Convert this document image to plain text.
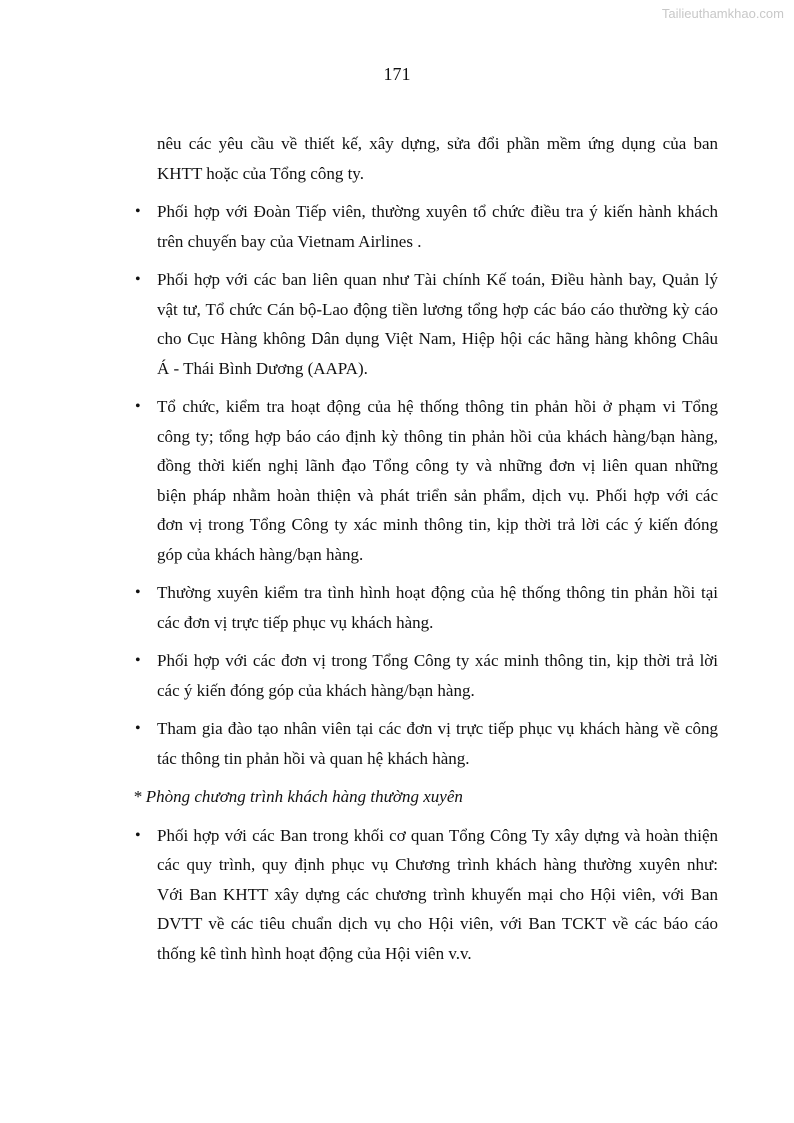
Tailieuthamkhao.com
171
nêu các yêu cầu về thiết kế, xây dựng, sửa đổi phần mềm ứng dụng của ban
KHTT hoặc của Tổng công ty.
• Phối hợp với Đoàn Tiếp viên, thường xuyên tổ chức điều tra ý kiến hành khách
trên chuyến bay của Vietnam Airlines .
• Phối hợp với các ban liên quan như Tài chính Kế toán, Điều hành bay, Quản lý
vật tư, Tổ chức Cán bộ-Lao động tiền lương tổng hợp các báo cáo thường kỳ cáo
cho Cục Hàng không Dân dụng Việt Nam, Hiệp hội các hãng hàng không Châu
Á - Thái Bình Dương (AAPA).
• Tổ chức, kiểm tra hoạt động của hệ thống thông tin phản hồi ở phạm vi Tổng
công ty; tổng hợp báo cáo định kỳ thông tin phản hồi của khách hàng/bạn hàng,
đồng thời kiến nghị lãnh đạo Tổng công ty và những đơn vị liên quan những
biện pháp nhằm hoàn thiện và phát triển sản phẩm, dịch vụ. Phối hợp với các
đơn vị trong Tổng Công ty xác minh thông tin, kịp thời trả lời các ý kiến đóng
góp của khách hàng/bạn hàng.
• Thường xuyên kiểm tra tình hình hoạt động của hệ thống thông tin phản hồi tại
các đơn vị trực tiếp phục vụ khách hàng.
• Phối hợp với các đơn vị trong Tổng Công ty xác minh thông tin, kịp thời trả lời
các ý kiến đóng góp của khách hàng/bạn hàng.
• Tham gia đào tạo nhân viên tại các đơn vị trực tiếp phục vụ khách hàng về công
tác thông tin phản hồi và quan hệ khách hàng.
* Phòng chương trình khách hàng thường xuyên
• Phối hợp với các Ban trong khối cơ quan Tổng Công Ty xây dựng và hoàn thiện
các quy trình, quy định phục vụ Chương trình khách hàng thường xuyên như:
Với Ban KHTT xây dựng các chương trình khuyến mại cho Hội viên, với Ban
DVTT về các tiêu chuẩn dịch vụ cho Hội viên, với Ban TCKT về các báo cáo
thống kê tình hình hoạt động của Hội viên v.v.
